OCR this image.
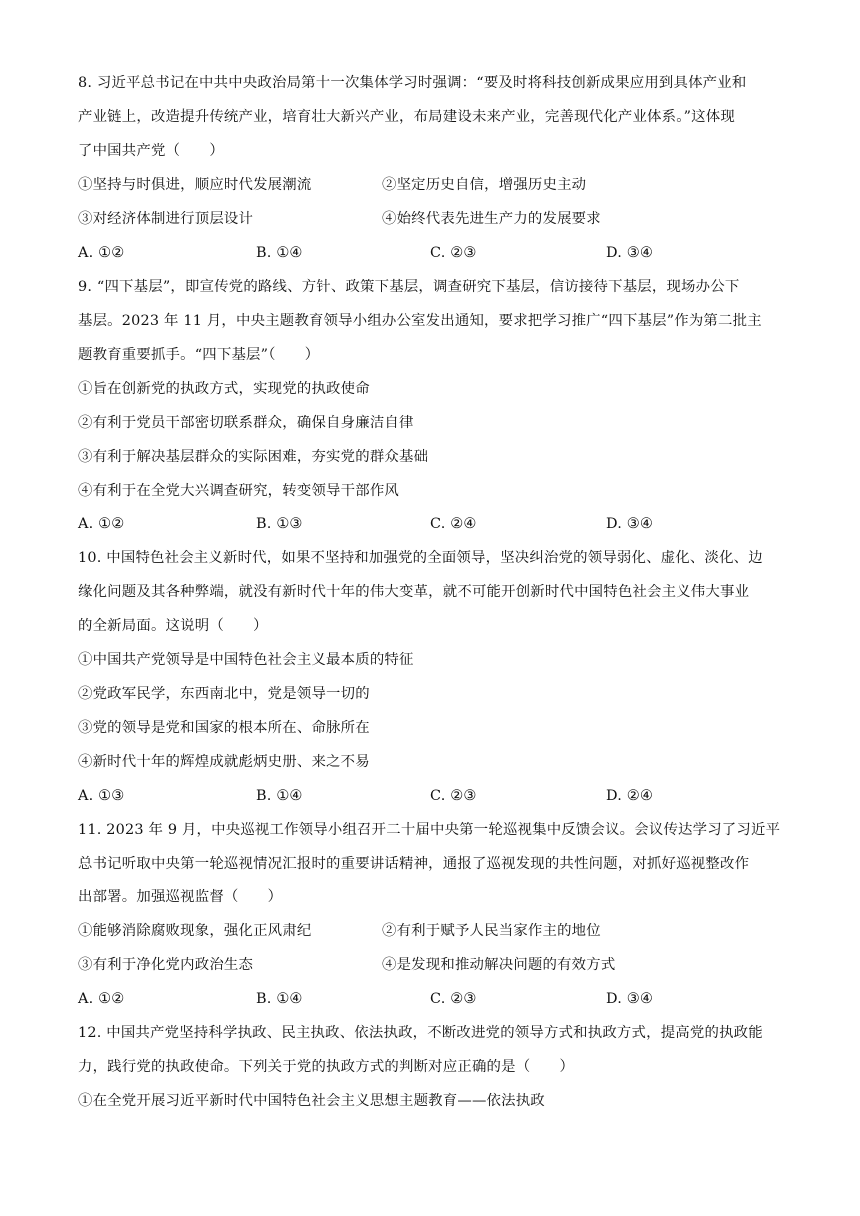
8. 习近平总书记在中共中央政治局第十一次集体学习时强调：“要及时将科技创新成果应用到具体产业和
产业链上，改造提升传统产业，培育壮大新兴产业，布局建设未来产业，完善现代化产业体系。”这体现
了中国共产党（　　）
①坚持与时俱进，顺应时代发展潮流	②坚定历史自信，增强历史主动
③对经济体制进行顶层设计	④始终代表先进生产力的发展要求
A. ①②	B. ①④	C. ②③	D. ③④
9. “四下基层”，即宣传党的路线、方针、政策下基层，调查研究下基层，信访接待下基层，现场办公下
基层。2023 年 11 月，中央主题教育领导小组办公室发出通知，要求把学习推广“四下基层”作为第二批主
题教育重要抓手。“四下基层”（　　）
①旨在创新党的执政方式，实现党的执政使命
②有利于党员干部密切联系群众，确保自身廉洁自律
③有利于解决基层群众的实际困难，夯实党的群众基础
④有利于在全党大兴调查研究，转变领导干部作风
A. ①②	B. ①③	C. ②④	D. ③④
10. 中国特色社会主义新时代，如果不坚持和加强党的全面领导，坚决纠治党的领导弱化、虚化、淡化、边
缘化问题及其各种弊端，就没有新时代十年的伟大变革，就不可能开创新时代中国特色社会主义伟大事业
的全新局面。这说明（　　）
①中国共产党领导是中国特色社会主义最本质的特征
②党政军民学，东西南北中，党是领导一切的
③党的领导是党和国家的根本所在、命脉所在
④新时代十年的辉煌成就彪炳史册、来之不易
A. ①③	B. ①④	C. ②③	D. ②④
11. 2023 年 9 月，中央巡视工作领导小组召开二十届中央第一轮巡视集中反馈会议。会议传达学习了习近平
总书记听取中央第一轮巡视情况汇报时的重要讲话精神，通报了巡视发现的共性问题，对抓好巡视整改作
出部署。加强巡视监督（　　）
①能够消除腐败现象，强化正风肃纪	②有利于赋予人民当家作主的地位
③有利于净化党内政治生态	④是发现和推动解决问题的有效方式
A. ①②	B. ①④	C. ②③	D. ③④
12. 中国共产党坚持科学执政、民主执政、依法执政，不断改进党的领导方式和执政方式，提高党的执政能
力，践行党的执政使命。下列关于党的执政方式的判断对应正确的是（　　）
①在全党开展习近平新时代中国特色社会主义思想主题教育——依法执政
